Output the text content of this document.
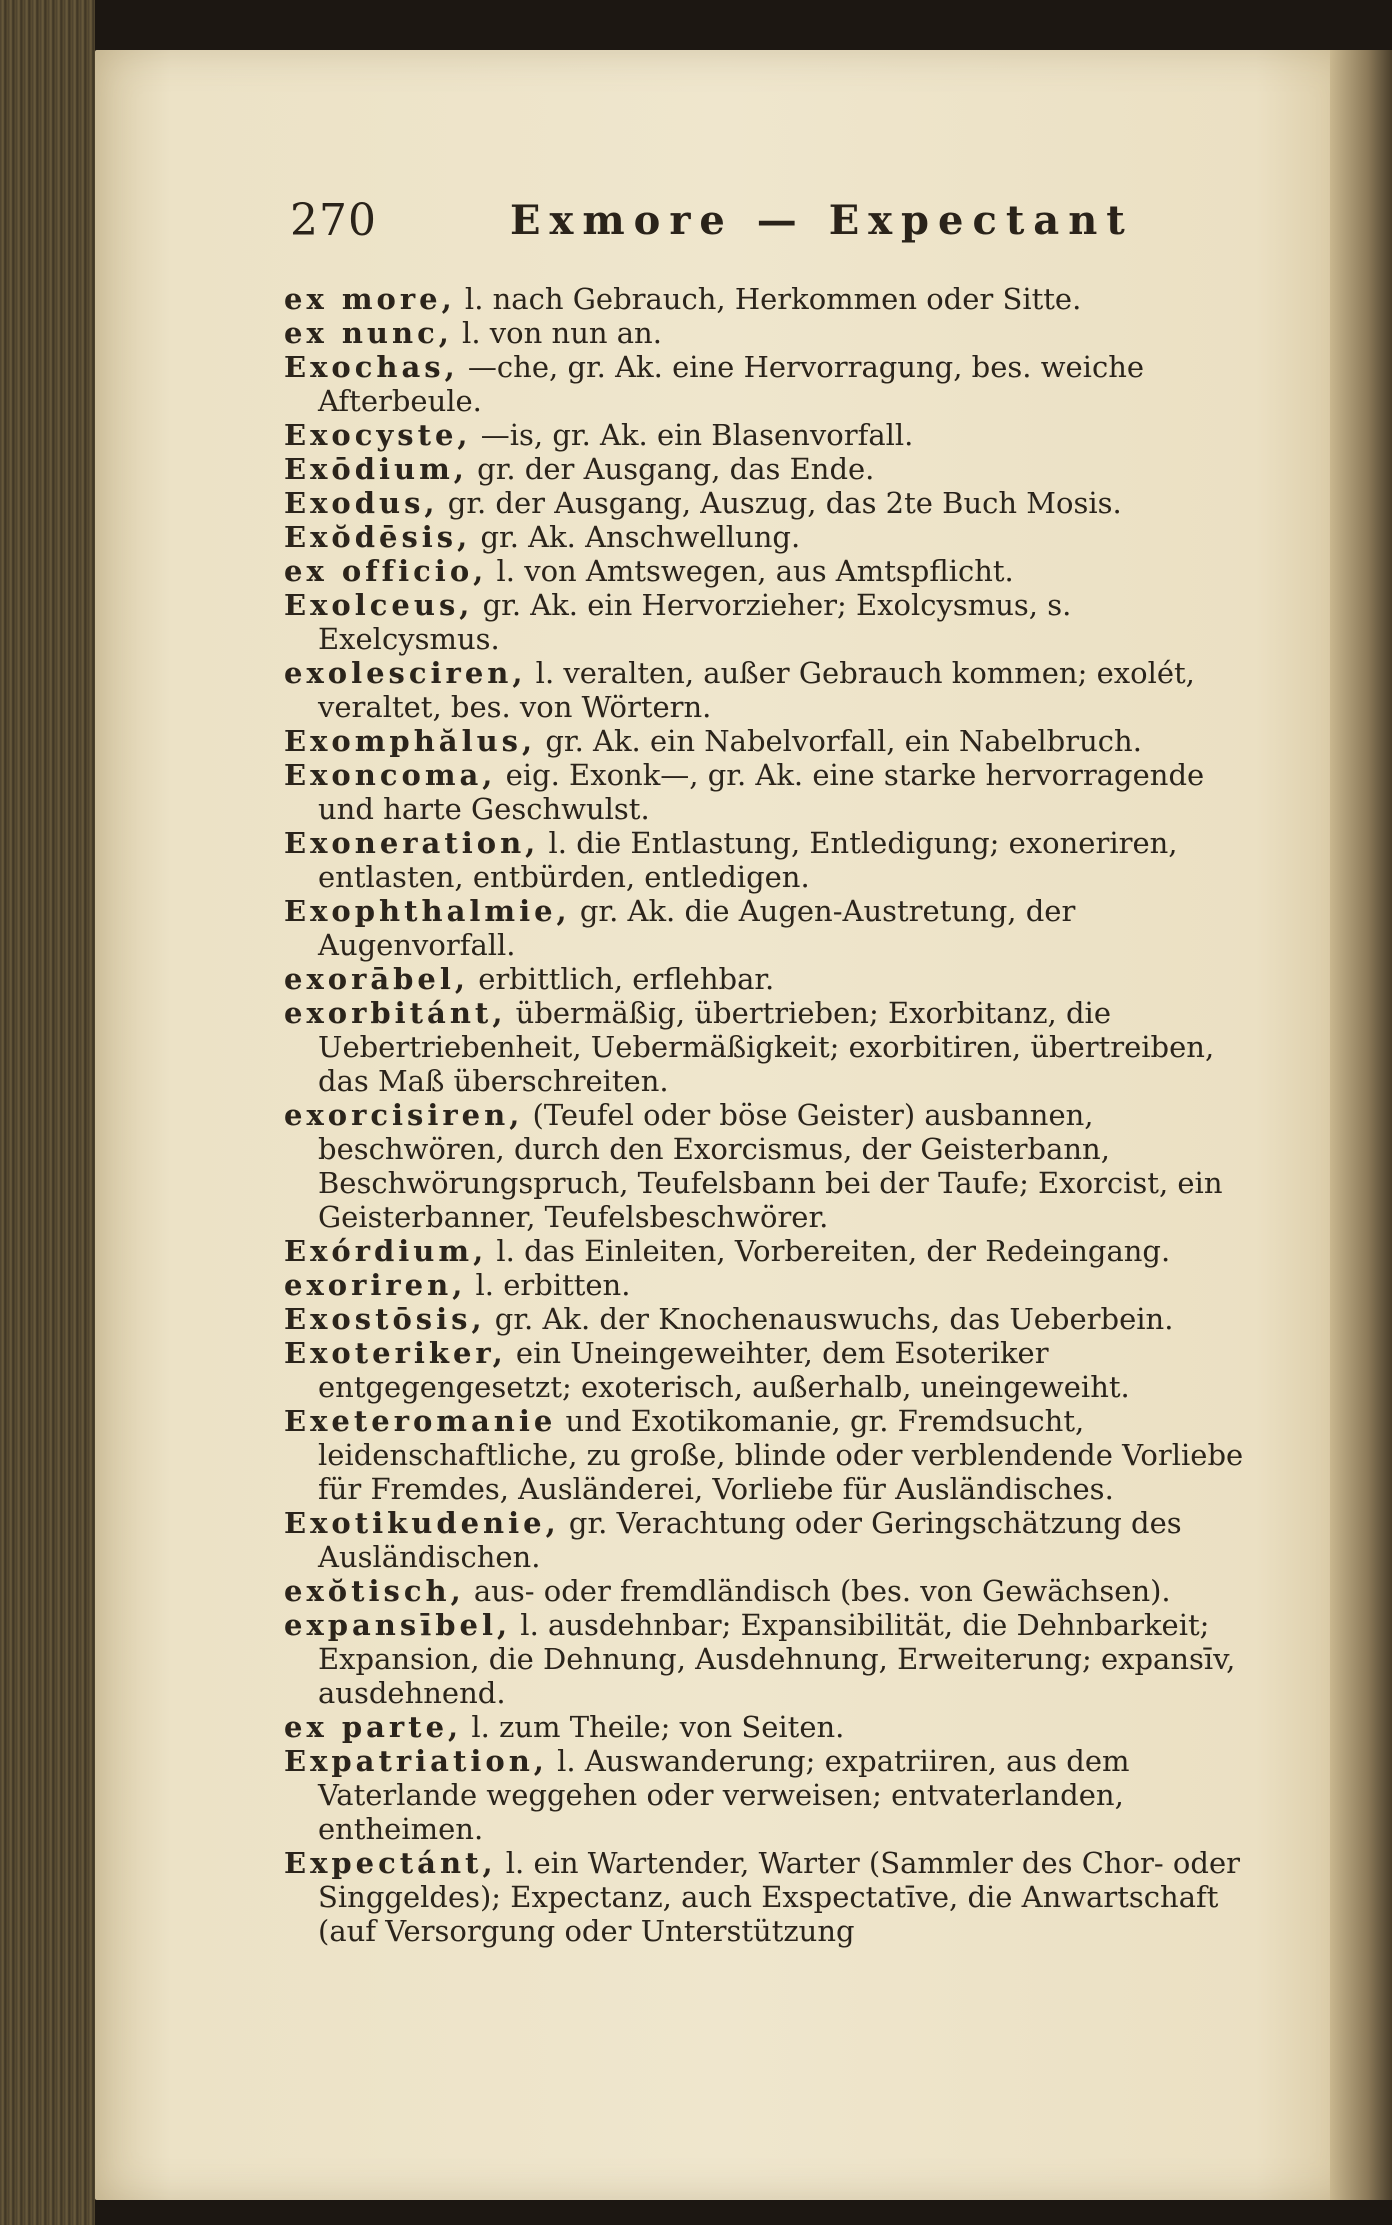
270	Exmore — Expectant

ex more, l. nach Gebrauch, Herkommen oder Sitte.

ex nunc, l. von nun an.

Exochas, —che, gr. Ak. eine Hervorragung, bes. weiche Afterbeule.

Exocyste, —is, gr. Ak. ein Blasenvorfall.

Exōdium, gr. der Ausgang, das Ende.

Exodus, gr. der Ausgang, Auszug, das 2te Buch Mosis.

Exŏdēsis, gr. Ak. Anschwellung.

ex officio, l. von Amtswegen, aus Amtspflicht.

Exolceus, gr. Ak. ein Hervorzieher; Exolcysmus, s. Exelcysmus.

exolesciren, l. veralten, außer Gebrauch kommen; exolét, veraltet, bes. von Wörtern.

Exomphălus, gr. Ak. ein Nabelvorfall, ein Nabelbruch.

Exoncoma, eig. Exonk—, gr. Ak. eine starke hervorragende und harte Geschwulst.

Exoneration, l. die Entlastung, Entledigung; exoneriren, entlasten, entbürden, entledigen.

Exophthalmie, gr. Ak. die Augen-Austretung, der Augenvorfall.

exorābel, erbittlich, erflehbar.

exorbitánt, übermäßig, übertrieben; Exorbitanz, die Uebertriebenheit, Uebermäßigkeit; exorbitiren, übertreiben, das Maß überschreiten.

exorcisiren, (Teufel oder böse Geister) ausbannen, beschwören, durch den Exorcismus, der Geisterbann, Beschwörungspruch, Teufelsbann bei der Taufe; Exorcist, ein Geisterbanner, Teufelsbeschwörer.

Exórdium, l. das Einleiten, Vorbereiten, der Redeingang.

exoriren, l. erbitten.

Exostōsis, gr. Ak. der Knochenauswuchs, das Ueberbein.

Exoteriker, ein Uneingeweihter, dem Esoteriker entgegengesetzt; exoterisch, außerhalb, uneingeweiht.

Exeteromanie und Exotikomanie, gr. Fremdsucht, leidenschaftliche, zu große, blinde oder verblendende Vorliebe für Fremdes, Ausländerei, Vorliebe für Ausländisches.

Exotikudenie, gr. Verachtung oder Geringschätzung des Ausländischen.

exŏtisch, aus- oder fremdländisch (bes. von Gewächsen).

expansībel, l. ausdehnbar; Expansibilität, die Dehnbarkeit; Expansion, die Dehnung, Ausdehnung, Erweiterung; expansīv, ausdehnend.

ex parte, l. zum Theile; von Seiten.

Expatriation, l. Auswanderung; expatriiren, aus dem Vaterlande weggehen oder verweisen; entvaterlanden, entheimen.

Expectánt, l. ein Wartender, Warter (Sammler des Chor- oder Singgeldes); Expectanz, auch Exspectatīve, die Anwartschaft (auf Versorgung oder Unterstützung
